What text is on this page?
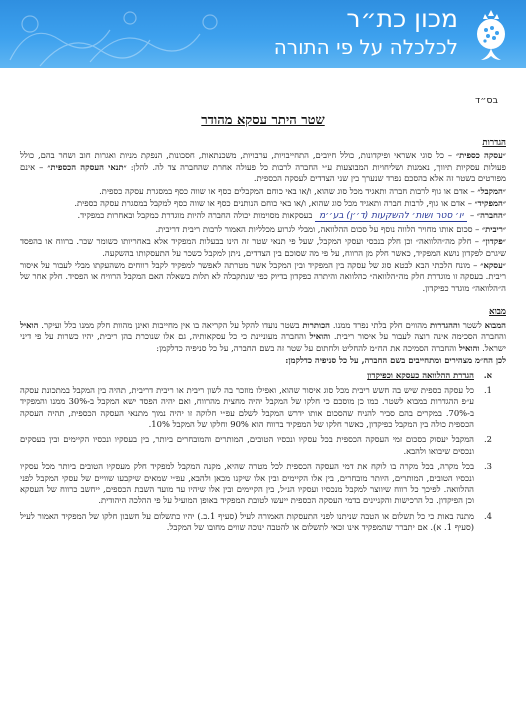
מכון כת״ר
לכלכלה על פי התורה
בס״ד
שטר היתר עסקא מהודר
הגדרות

״עסקה כספית״ – כל סוגי אשראי ופיקדונות, כולל חיובים, התחייבויות, ערבויות, משכנתאות, חסכונות, הנפקת מניות ואגרות חוב ושחר בהם, כולל פעולות עסקיות תיווך, נאמנות ושליחויות המבוצעות ע״י החברה לרבות כל פעולה אחרת שהחברה צד לה. להלן: ״תנאי העסקה הכספית״ – אינם מפורטים בשטר זה אלא בהסכם נפרד שנערך בין שני הצדדים לעסקה הכספית.

״המקבל״ – אדם או גוף לרבות חברה ותאגיד מכל סוג שהוא, ו/או באי כוחם המקבלים כסף או שווה כסף במסגרת עסקה כספית.

״המפקיד״ – אדם או גוף, לרבות חברה ותאגיד מכל סוג שהוא, ו/או באי כוחם הנותנים כסף או שווה כסף למקבל במסגרת עסקה כספית.

״החברה״ – יו׳ סטר ושות׳ להשקעות (ד׳׳ן) בע׳׳מ בעסקאות מסוימות יכולה החברה להיות מוגדרת כמקבל ובאחרות כמפקיד.

״ריבית״ – סכום אותו מחויר הלווה נוסף על סכום ההלוואה, ומבלי לגרוע מכלליות האמור לרבות ריבית דריבית.

״פקדון״ – חלק מה״הלוואה״ וכן חלק בנכסי ועסקי המקבל, שעל פי תנאי שטר זה הינו בבעלות המפקיד אלא באחריותו כשומר שכר. ברווח או בהפסד שיגרם לפקדון נושא המפקיד, כאשר חלק מן הרווח, על פי מה שסוכם בין הצדדים, ניתן למקבל כשכר על התעסקותו בהשקעה.

״עסקא״ – מונח הלכתי הבא לבטא סוג של עסקה בין המפקיד ובין המקבל אשר מטרתה לאפשר למפקיד לקבל רווחים משהעקתו מבלי לעבור על איסור ריבית. בעסקה זו מוגדרת חלק מה״הלוואה״ כהלוואה והיתרה כפקדון בדיוק כפי שנתקבלה לא תלות בשאלה האם המקבל הרוויח או הפסיד. חלק אחר של ה״הלוואה״ מוגדר כפיקדון.

מבוא

המבוא לשטר וההגדרות מהווים חלק בלתי נפרד ממנו. הכותרות בשטר נועדו להקל על הקריאה בו אין מחייבות ואינן מהוות חלק ממנו כלל ועיקר. הואיל והחברה הסכימה אינה רוצה לעבור על איסור ריבית. והואיל והחברה מעוניינת כי כל עסקאותיה, גם אלו שנוכרת בהן ריבית, יהיו כשרות על פי דיני ישראל. והואיל והחברה הסמיכה את הח״מ להחליט ולחתום על שטר זה בשם החברה, על כל סניפיה כדלקמן:

לכן הח״מ מצהירים ומתחייבים בשם החברה, על כל סניפיה כדלקמן:

א.הגדרת ההלוואה כעסקא וכפיקדון
1.
כל עסקה כספית שיש בה חשש ריבית מכל סוג איסור שהוא, ואפילו מוזכר בה לשון ריבית או ריבית דריבית, תהיה בין המקבל במתכונת עסקה ע״פ ההגדרות במבוא לשטר. כמו כן מוסכם כי חלקו של המקבל יהיה מחצית מהרווח, ואם יהיה הפסד ישא המקבל ב-30% ממנו והמפקיד ב-70%. במקרים בהם סביר להניח שהסכום אותו ידרש המקבל לשלם עפ״י חלוקה זו יהיה נמוך מתנאי העסקה הכספית, תהיה העסקה הכספית כולה בין המקבל כפיקדון, כאשר חלקו של המפקיד ברווח הוא 90% וחלקו של המקבל 10%.
2.
המקבל יעסוק בסכום זמי העסקה הכספית בכל עסקיו ונכסיו הטובים, המותרים והמובחרים ביותר, בין בעסקיו ונכסיו הקיימים ובין בעסקים ונכסים שיבואו ולהבא.
3.
בכל מקרה, בכל מקרה בו לוקח את דמי העסקה הכספית לכל מטרה שהיא, מקנה המקבל למפקיד חלק מעסקיו הטובים ביותר מכל עסקיו ונכסיו הטובים, המותרים, היותר מובחרים, בין אלו הקיימים ובין אלו שיקנו מכאן ולהבא, עפ״י שמאים שיקבעו שוויים של עסקי המקבל לפני ההלוואה. לפיכך כל רווח שיווצר למקבל מנכסיו ועסקיו הנ״ל, בין הקיימים ובין אלו שיהיו עד מועד השבת הכספים, ייחשב כרווח של העסקא וכן הפיקדון. כל הרכישות והקניינים בדמי העסקה הכספית ייעשו לטובת המפקיד באופן המועיל על פי ההלכה היהודית.
4.
מתנה באות כי כל תשלום או הטבה שניתנו לפני התעסקות האמורה לעיל (סעיף 1.ב.) יהיו כתשלום על חשבון חלקו של המפקיד האמור לעיל (סעיף 1. א). אם יתברר שהמפקיד אינו זכאי לתשלום או להטבה ינוכה שווים מחובו של המקבל.
